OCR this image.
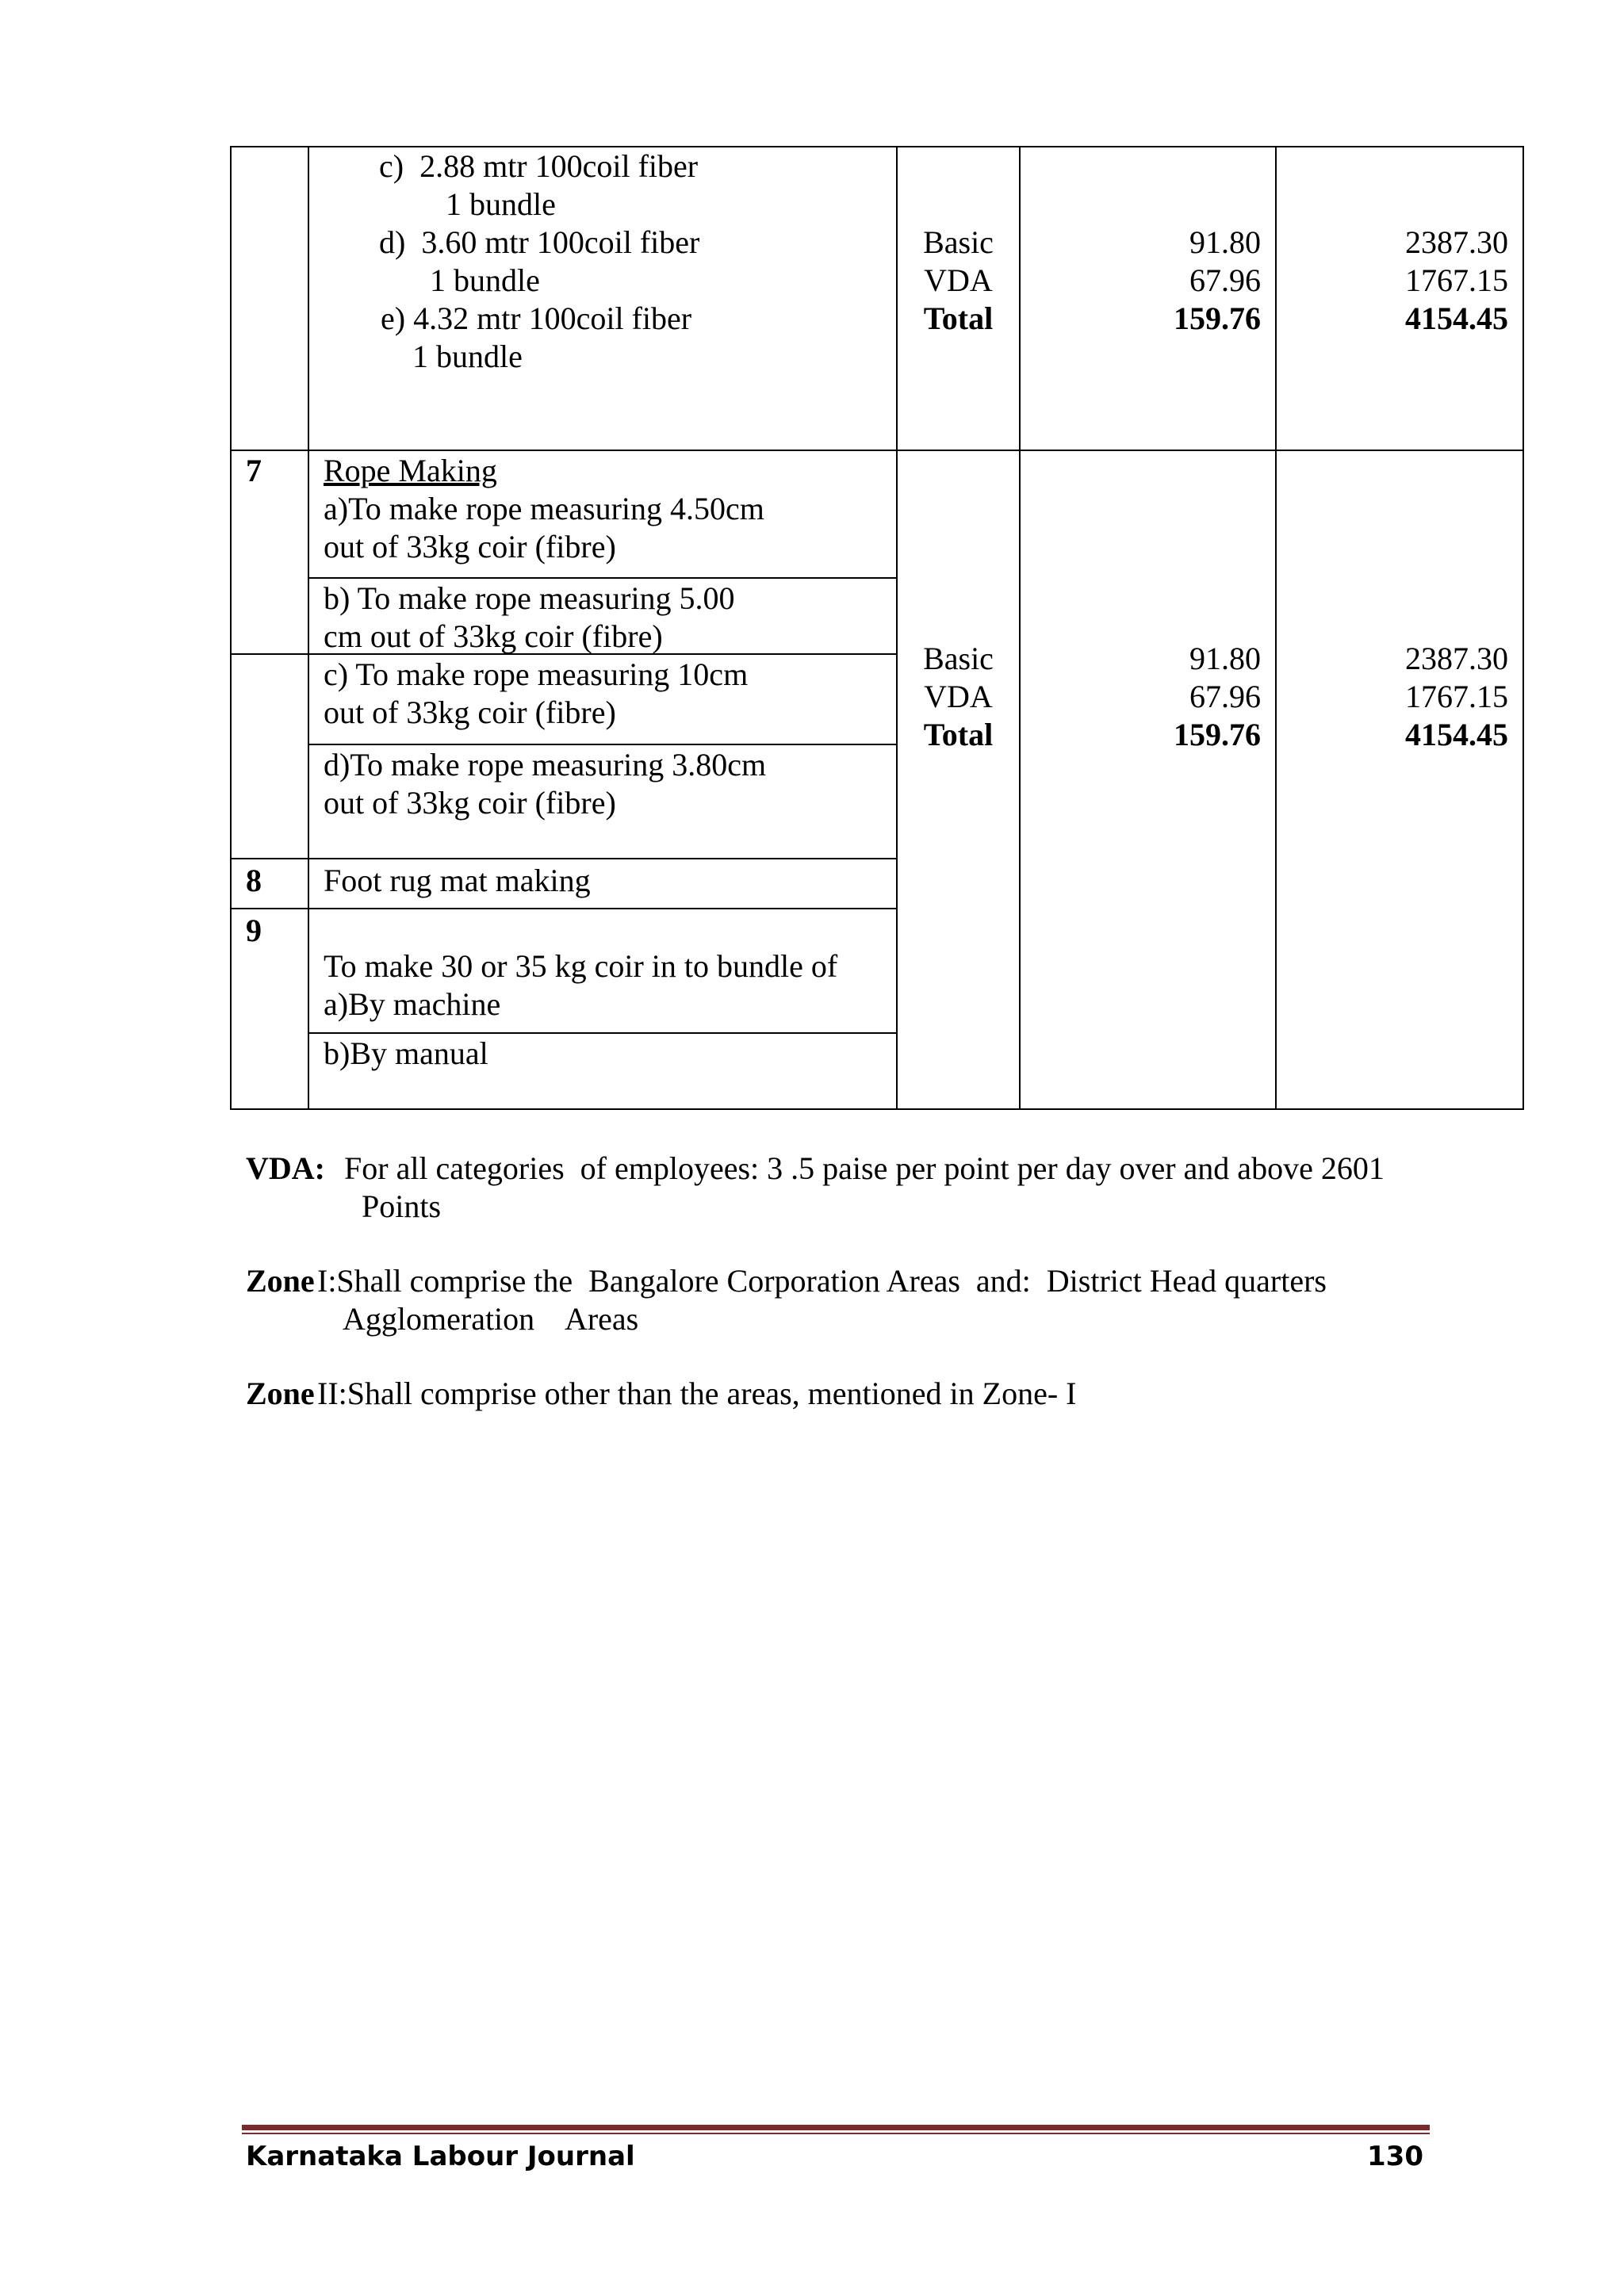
c)  2.88 mtr 100coil fiber
1 bundle
d)  3.60 mtr 100coil fiber
1 bundle
e) 4.32 mtr 100coil fiber
1 bundle
Basic
VDA
Total
91.80
67.96
159.76
2387.30
1767.15
4154.45
7 Rope Making
a)To make rope measuring 4.50cm
out of 33kg coir (fibre)
b) To make rope measuring 5.00
cm out of 33kg coir (fibre)
c) To make rope measuring 10cm
out of 33kg coir (fibre)
d)To make rope measuring 3.80cm
out of 33kg coir (fibre)
8 Foot rug mat making
9
To make 30 or 35 kg coir in to bundle of
a)By machine
b)By manual
Basic
VDA
Total
91.80
67.96
159.76
2387.30
1767.15
4154.45
VDA: For all categories  of employees: 3 .5 paise per point per day over and above 2601
Points
Zone I:Shall comprise the  Bangalore Corporation Areas  and:  District Head quarters
Agglomeration    Areas
Zone II:Shall comprise other than the areas, mentioned in Zone- I
Karnataka Labour Journal	130
